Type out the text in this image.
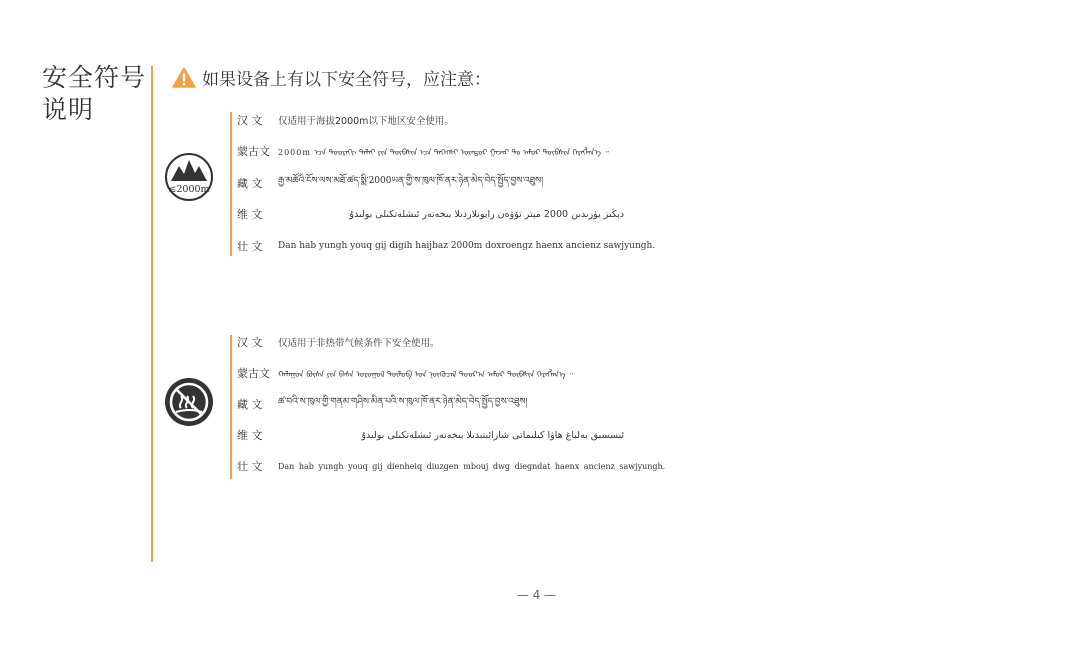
安全符号
说明
如果设备上有以下安全符号，应注意：
汉 文	仅适用于海拔2000m以下地区安全使用。
蒙古文	2000m ᠡᠴᠡ ᠳᠣᠣᠷᠠᠬᠢ ᠳᠠᠯᠠᠢ ᠶᠢᠨ ᠲᠥᠪᠰᠢᠨ ᠡᠴᠡ ᠳᠡᠭᠡᠭᠰᠢ ᠦᠨᠳᠦᠷ ᠭᠠᠵᠠᠷ ᠲᠤ ᠠᠮᠤᠷ ᠲᠦᠪᠰᠢᠨ ᠬᠡᠷᠡᠭᠯᠡᠨ᠎ᠡ ᠃
藏 文	རྒྱ་མཚོའི་ངོས་ལས་མཐོ་ཚད་སྨི་2000ཡན་གྱི་ས་ཁུལ་ཁོ་ནར་ཉེན་མེད་བེད་སྤྱོད་བྱས་འཐུས།
维 文	دېڭىز يۈزىدىن 2000 مېتر تۆۋەن رايونلاردىلا بىخەتەر ئىشلەتكىلى بولىدۇ
壮 文	Dan hab yungh youq gij digih haijbaz 2000m doxroengz haenx ancienz sawjyungh.
≤2000m
汉 文	仅适用于非热带气候条件下安全使用。
蒙古文	ᠬᠠᠯᠠᠭᠤᠨ ᠪᠦᠰᠡ ᠶᠢᠨ ᠪᠡᠰᠡ ᠤᠷᠤᠭᠤᠯ ᠲᠥᠯᠥᠪ ᠤᠨ ᠨᠥᠬᠦᠴᠡᠯ ᠳᠣᠣᠷ᠎ᠠ ᠠᠮᠤᠷ ᠲᠦᠪᠰᠢᠨ ᠬᠡᠷᠡᠭᠯᠡᠨ᠎ᠡ ᠃
藏 文	ཚ་བའི་ས་ཁུལ་གྱི་གནམ་གཤིས་མིན་པའི་ས་ཁུལ་ཁོ་ནར་ཉེན་མེད་བེད་སྤྱོད་བྱས་འཐུས།
维 文	ئىسسىق بەلباغ ھاۋا كىلىماتى شارائىتىدىلا بىخەتەر ئىشلەتكىلى بولىدۇ
壮 文	Dan hab yungh youq gij dienheiq diuzgen mbouj dwg diegndat haenx ancienz sawjyungh.
— 4 —
